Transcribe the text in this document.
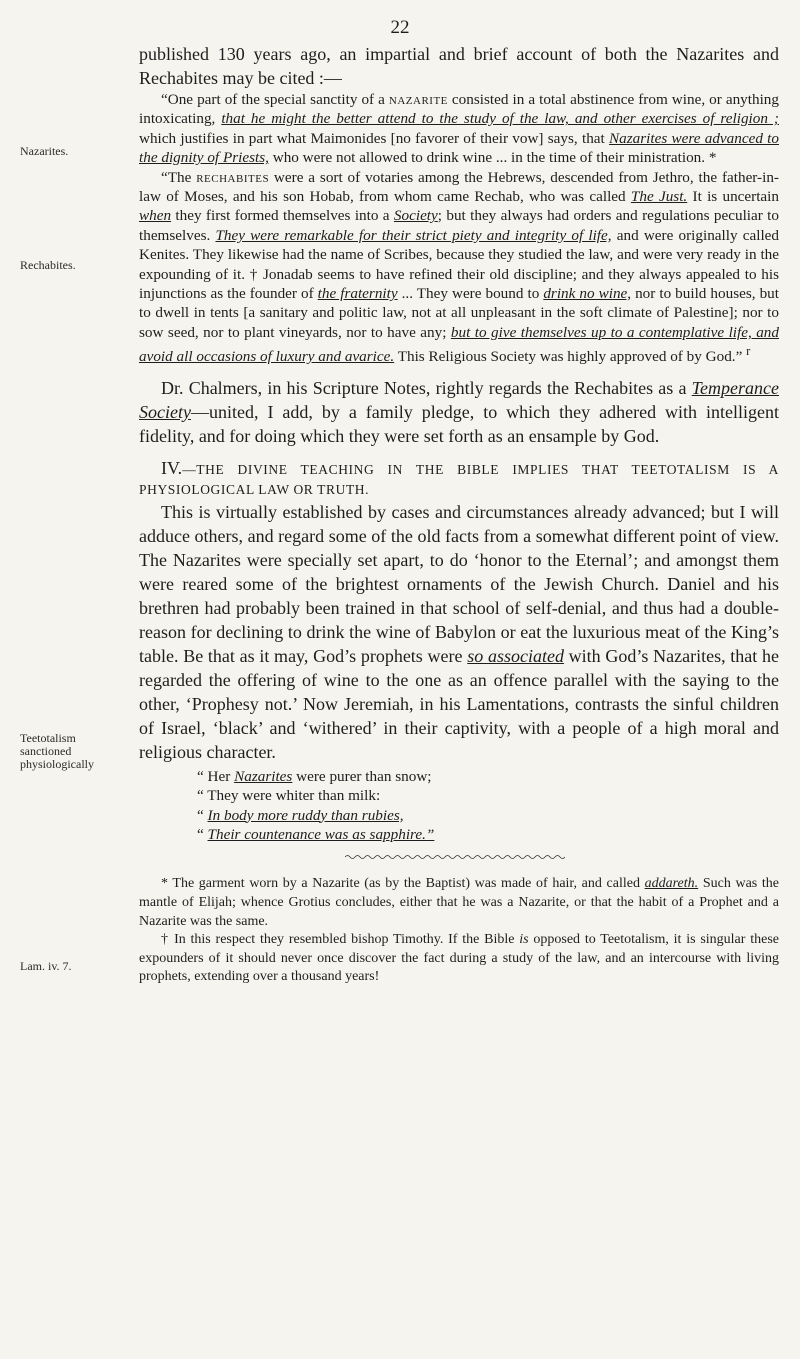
22
Nazarites.
Rechabites.
Teetotalism sanctioned physiologically
Lam. iv. 7.

published 130 years ago, an impartial and brief account of both the Nazarites and Rechabites may be cited :—

“One part of the special sanctity of a nazarite consisted in a total abstinence from wine, or anything intoxicating, that he might the better attend to the study of the law, and other exercises of religion ; which justifies in part what Maimonides [no favorer of their vow] says, that Nazarites were advanced to the dignity of Priests, who were not allowed to drink wine ... in the time of their ministration. *

“The rechabites were a sort of votaries among the Hebrews, descended from Jethro, the father-in-law of Moses, and his son Hobab, from whom came Rechab, who was called The Just. It is uncertain when they first formed themselves into a Society; but they always had orders and regulations peculiar to themselves. They were remarkable for their strict piety and integrity of life, and were originally called Kenites. They likewise had the name of Scribes, because they studied the law, and were very ready in the expounding of it. † Jonadab seems to have refined their old discipline; and they always appealed to his injunctions as the founder of the fraternity ... They were bound to drink no wine, nor to build houses, but to dwell in tents [a sanitary and politic law, not at all unpleasant in the soft climate of Palestine]; nor to sow seed, nor to plant vineyards, nor to have any; but to give themselves up to a contemplative life, and avoid all occasions of luxury and avarice. This Religious Society was highly approved of by God.” $^r$

Dr. Chalmers, in his Scripture Notes, rightly regards the Rechabites as a Temperance Society—united, I add, by a family pledge, to which they adhered with intelligent fidelity, and for doing which they were set forth as an ensample by God.

IV.—THE DIVINE TEACHING IN THE BIBLE IMPLIES THAT TEETOTALISM IS A PHYSIOLOGICAL LAW OR TRUTH.

This is virtually established by cases and circumstances already advanced; but I will adduce others, and regard some of the old facts from a somewhat different point of view. The Nazarites were specially set apart, to do ‘honor to the Eternal’; and amongst them were reared some of the brightest ornaments of the Jewish Church. Daniel and his brethren had probably been trained in that school of self-denial, and thus had a double-reason for declining to drink the wine of Babylon or eat the luxurious meat of the King’s table. Be that as it may, God’s prophets were so associated with God’s Nazarites, that he regarded the offering of wine to the one as an offence parallel with the saying to the other, ‘Prophesy not.’ Now Jeremiah, in his Lamentations, contrasts the sinful children of Israel, ‘black’ and ‘withered’ in their captivity, with a people of a high moral and religious character.

“ Her Nazarites were purer than snow;
“ They were whiter than milk:
“ In body more ruddy than rubies,
“ Their countenance was as sapphire.”

* The garment worn by a Nazarite (as by the Baptist) was made of hair, and called addareth. Such was the mantle of Elijah; whence Grotius concludes, either that he was a Nazarite, or that the habit of a Prophet and a Nazarite was the same.

† In this respect they resembled bishop Timothy. If the Bible is opposed to Teetotalism, it is singular these expounders of it should never once discover the fact during a study of the law, and an intercourse with living prophets, extending over a thousand years!
